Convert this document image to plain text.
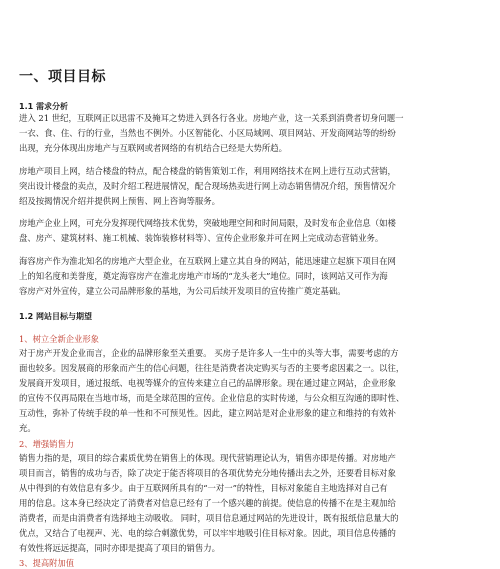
一、项目目标
1.1 需求分析
进入 21 世纪，互联网正以迅雷不及掩耳之势进入到各行各业。房地产业，这一关系到消费者切身问题一
一衣、食、住、行的行业，当然也不例外。小区智能化、小区局域网、项目网站、开发商网站等的纷纷
出现，充分体现出房地产与互联网或者网络的有机结合已经是大势所趋。
房地产项目上网，结合楼盘的特点，配合楼盘的销售策划工作，利用网络技术在网上进行互动式营销，
突出设计楼盘的卖点，及时介绍工程进展情况，配合现场热卖进行网上动态销售情况介绍，预售情况介
绍及按揭情况介绍并提供网上预售、网上咨询等服务。
房地产企业上网，可充分发挥现代网络技术优势，突破地理空间和时间局限，及时发布企业信息（如楼
盘、房产、建筑材料、施工机械、装饰装修材料等）、宣传企业形象并可在网上完成动态营销业务。
海容房产作为淮北知名的房地产大型企业，在互联网上建立其自身的网站，能迅速建立起旗下项目在网
上的知名度和美誉度，奠定海容房产在淮北房地产市场的“龙头老大”地位。同时，该网站又可作为海
容房产对外宣传，建立公司品牌形象的基地，为公司后续开发项目的宣传推广奠定基础。
1.2 网站目标与期望
1、树立全新企业形象
对于房产开发企业而言，企业的品牌形象至关重要。 买房子是许多人一生中的头等大事，需要考虑的方
面也较多。因发展商的形象而产生的信心问题，往往是消费者决定购买与否的主要考虑因素之一。以往，
发展商开发项目，通过报纸、电视等媒介的宣传来建立自己的品牌形象。现在通过建立网站，企业形象
的宣传不仅再局限在当地市场，而是全球范围的宣传。企业信息的实时传递，与公众相互沟通的即时性、
互动性，弥补了传统手段的单一性和不可预见性。因此，建立网站是对企业形象的建立和维持的有效补
充。
2、增强销售力
销售力指的是，项目的综合素质优势在销售上的体现。现代营销理论认为，销售亦即是传播。对房地产
项目而言，销售的成功与否，除了决定于能否将项目的各项优势充分地传播出去之外，还要看目标对象
从中得到的有效信息有多少。由于互联网所具有的“一对一”的特性，目标对象能自主地选择对自己有
用的信息。这本身已经决定了消费者对信息已经有了一个感兴趣的前提。使信息的传播不在是主观加给
消费者，而是由消费者有选择地主动吸收。 同时，项目信息通过网站的先进设计，既有报纸信息量大的
优点，又结合了电视声、光、电的综合刺激优势，可以牢牢地吸引住目标对象。因此，项目信息传播的
有效性将远远提高，同时亦即是提高了项目的销售力。
3、提高附加值
